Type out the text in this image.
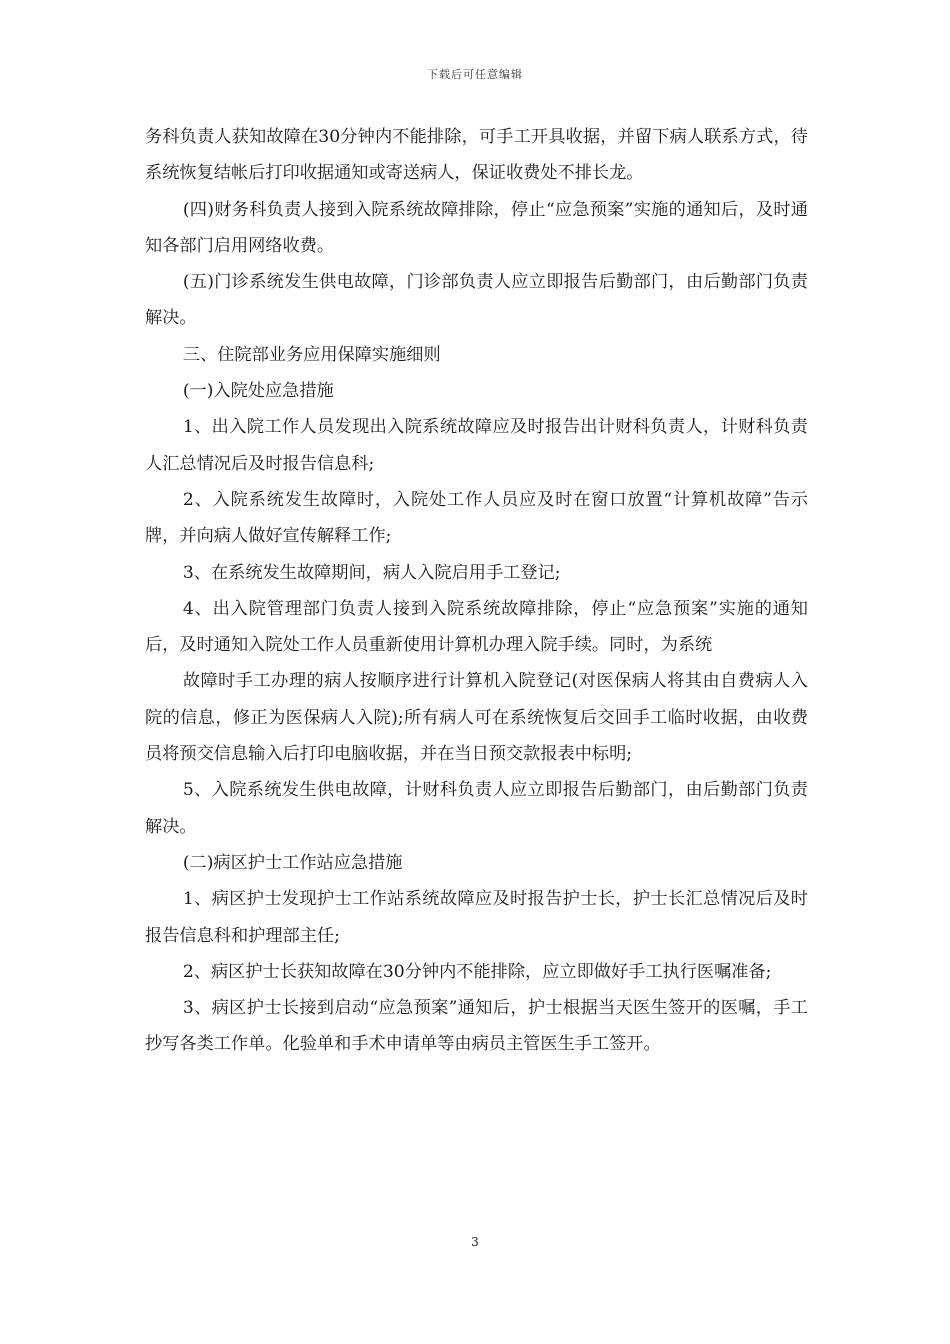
下载后可任意编辑

务科负责人获知故障在30分钟内不能排除，可手工开具收据，并留下病人联系方式，待系统恢复结帐后打印收据通知或寄送病人，保证收费处不排长龙。

(四)财务科负责人接到入院系统故障排除，停止“应急预案”实施的通知后，及时通知各部门启用网络收费。

(五)门诊系统发生供电故障，门诊部负责人应立即报告后勤部门，由后勤部门负责解决。

三、住院部业务应用保障实施细则

(一)入院处应急措施

1、出入院工作人员发现出入院系统故障应及时报告出计财科负责人，计财科负责人汇总情况后及时报告信息科;

2、入院系统发生故障时，入院处工作人员应及时在窗口放置“计算机故障”告示牌，并向病人做好宣传解释工作;

3、在系统发生故障期间，病人入院启用手工登记;

4、出入院管理部门负责人接到入院系统故障排除，停止“应急预案”实施的通知后，及时通知入院处工作人员重新使用计算机办理入院手续。同时，为系统

故障时手工办理的病人按顺序进行计算机入院登记(对医保病人将其由自费病人入院的信息，修正为医保病人入院);所有病人可在系统恢复后交回手工临时收据，由收费员将预交信息输入后打印电脑收据，并在当日预交款报表中标明;

5、入院系统发生供电故障，计财科负责人应立即报告后勤部门，由后勤部门负责解决。

(二)病区护士工作站应急措施

1、病区护士发现护士工作站系统故障应及时报告护士长，护士长汇总情况后及时报告信息科和护理部主任;

2、病区护士长获知故障在30分钟内不能排除，应立即做好手工执行医嘱准备;

3、病区护士长接到启动“应急预案”通知后，护士根据当天医生签开的医嘱，手工抄写各类工作单。化验单和手术申请单等由病员主管医生手工签开。

3
